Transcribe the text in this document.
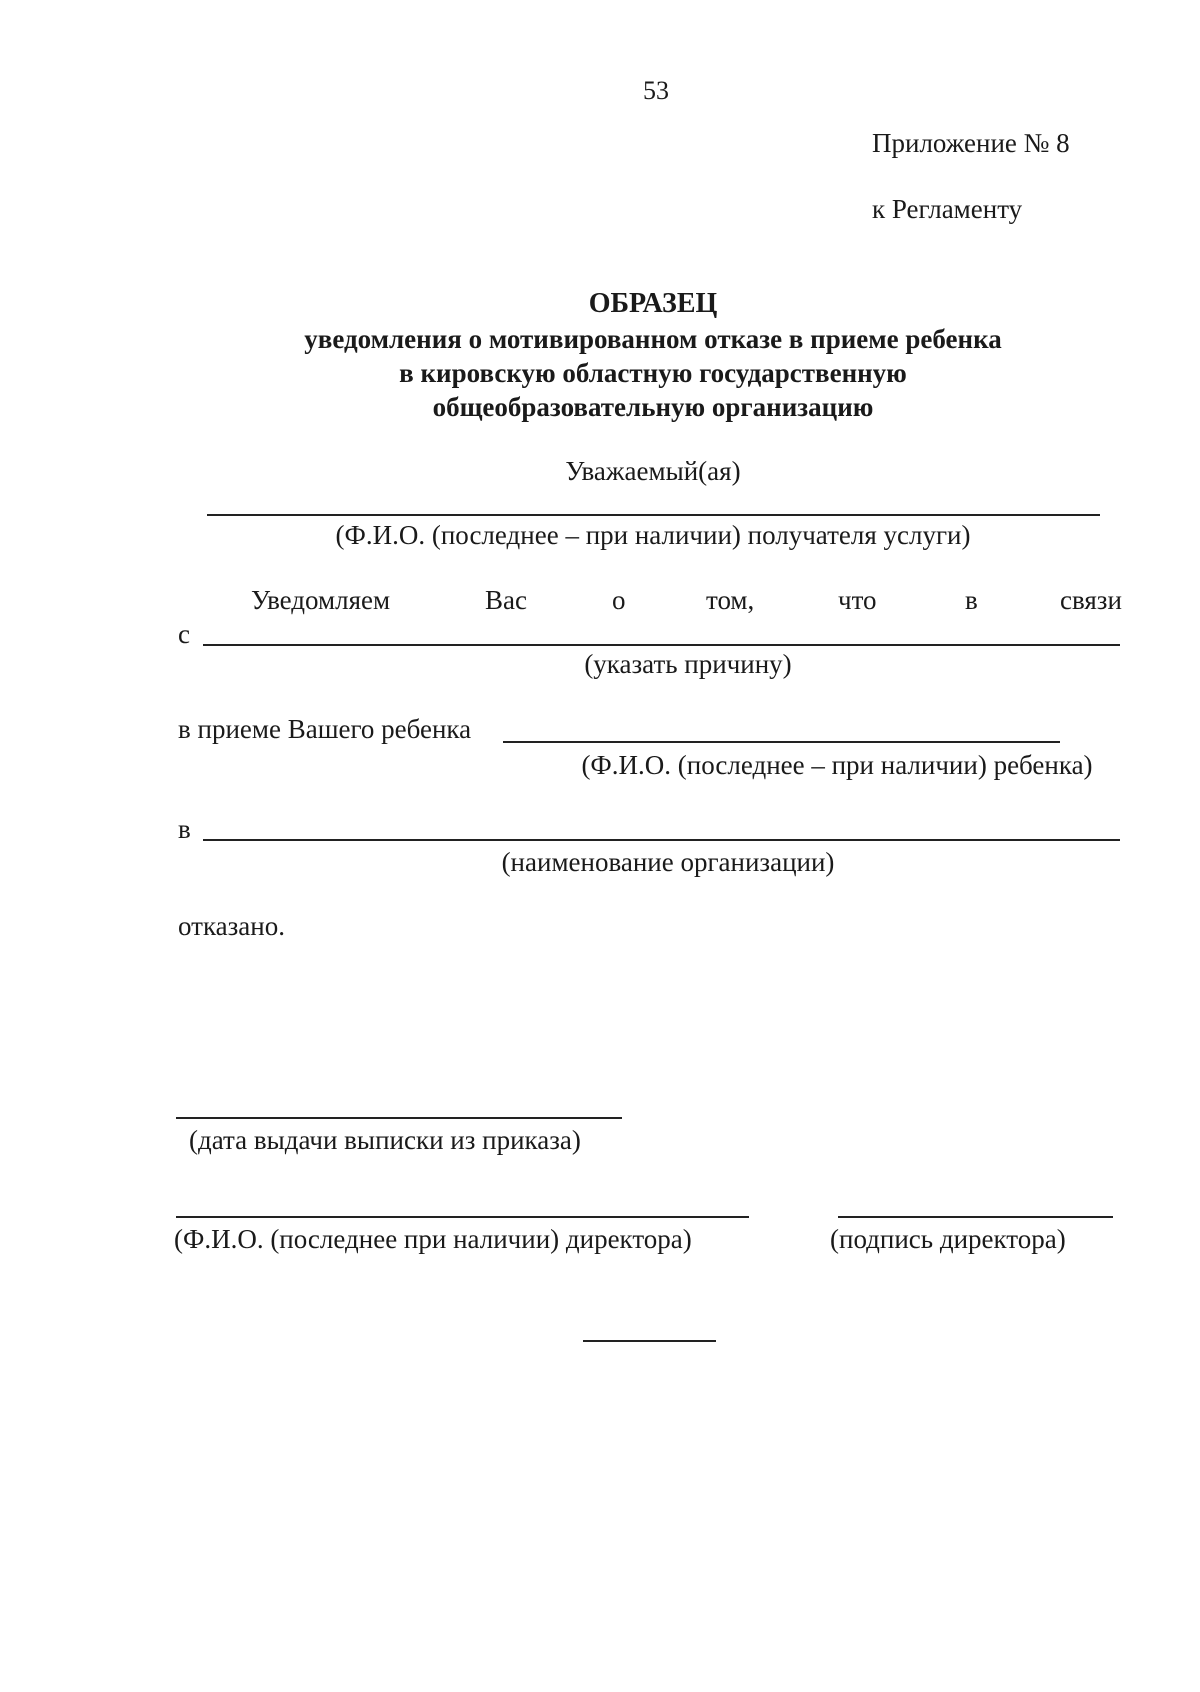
53
Приложение № 8
к Регламенту
ОБРАЗЕЦ
уведомления о мотивированном отказе в приеме ребенка
в кировскую областную государственную
общеобразовательную организацию
Уважаемый(ая)
(Ф.И.О. (последнее – при наличии) получателя услуги)
Уведомляем	Вас	о	том,	что	в	связи
с
(указать причину)
в приеме Вашего ребенка
(Ф.И.О. (последнее – при наличии) ребенка)
в
(наименование организации)
отказано.
(дата выдачи выписки из приказа)
(Ф.И.О. (последнее при наличии) директора)	(подпись директора)
